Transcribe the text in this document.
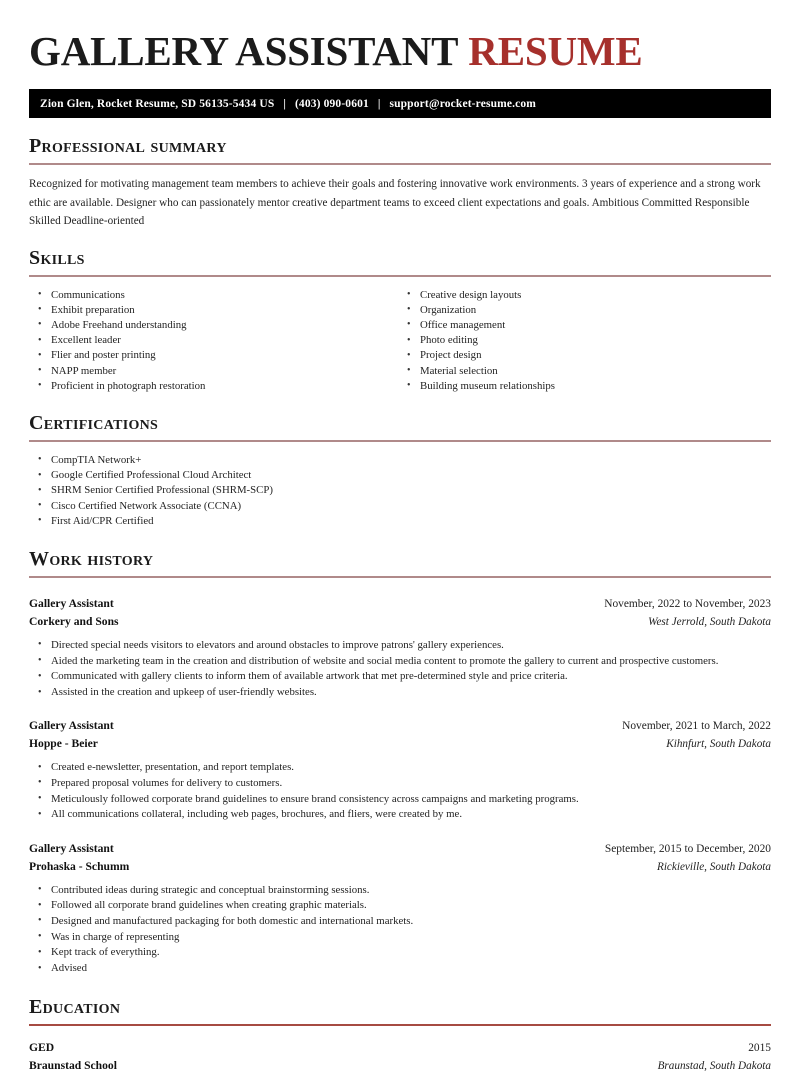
GALLERY ASSISTANT RESUME
Zion Glen, Rocket Resume, SD 56135-5434 US | (403) 090-0601 | support@rocket-resume.com
Professional summary

Recognized for motivating management team members to achieve their goals and fostering innovative work environments. 3 years of experience and a strong work ethic are available. Designer who can passionately mentor creative department teams to exceed client expectations and goals. Ambitious Committed Responsible Skilled Deadline-oriented

Skills
• Communications
• Exhibit preparation
• Adobe Freehand understanding
• Excellent leader
• Flier and poster printing
• NAPP member
• Proficient in photograph restoration
• Creative design layouts
• Organization
• Office management
• Photo editing
• Project design
• Material selection
• Building museum relationships
Certifications
• CompTIA Network+
• Google Certified Professional Cloud Architect
• SHRM Senior Certified Professional (SHRM-SCP)
• Cisco Certified Network Associate (CCNA)
• First Aid/CPR Certified
Work history
Gallery Assistant	November, 2022 to November, 2023
Corkery and Sons	West Jerrold, South Dakota
• Directed special needs visitors to elevators and around obstacles to improve patrons' gallery experiences.
• Aided the marketing team in the creation and distribution of website and social media content to promote the gallery to current and prospective customers.
• Communicated with gallery clients to inform them of available artwork that met pre-determined style and price criteria.
• Assisted in the creation and upkeep of user-friendly websites.
Gallery Assistant	November, 2021 to March, 2022
Hoppe - Beier	Kihnfurt, South Dakota
• Created e-newsletter, presentation, and report templates.
• Prepared proposal volumes for delivery to customers.
• Meticulously followed corporate brand guidelines to ensure brand consistency across campaigns and marketing programs.
• All communications collateral, including web pages, brochures, and fliers, were created by me.
Gallery Assistant	September, 2015 to December, 2020
Prohaska - Schumm	Rickieville, South Dakota
• Contributed ideas during strategic and conceptual brainstorming sessions.
• Followed all corporate brand guidelines when creating graphic materials.
• Designed and manufactured packaging for both domestic and international markets.
• Was in charge of representing
• Kept track of everything.
• Advised
Education
GED	2015
Braunstad School	Braunstad, South Dakota
